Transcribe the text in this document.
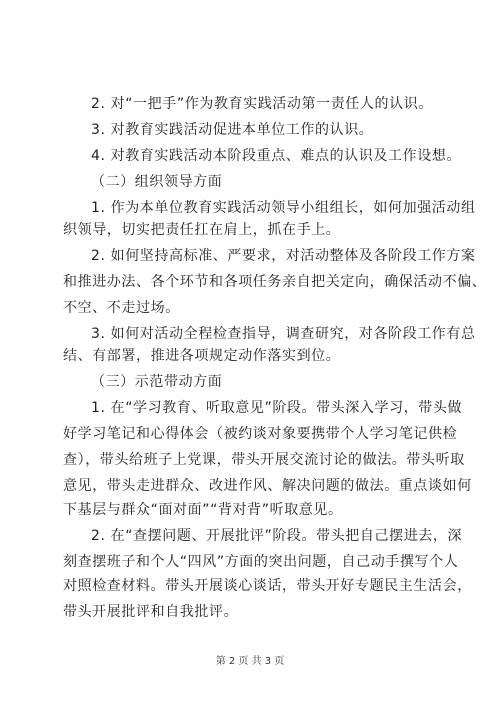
2. 对“一把手”作为教育实践活动第一责任人的认识。
3. 对教育实践活动促进本单位工作的认识。
4. 对教育实践活动本阶段重点、难点的认识及工作设想。
（二）组织领导方面
1. 作为本单位教育实践活动领导小组组长，如何加强活动组
织领导，切实把责任扛在肩上，抓在手上。
2. 如何坚持高标准、严要求，对活动整体及各阶段工作方案
和推进办法、各个环节和各项任务亲自把关定向，确保活动不偏、
不空、不走过场。
3. 如何对活动全程检查指导，调查研究，对各阶段工作有总
结、有部署，推进各项规定动作落实到位。
（三）示范带动方面
1. 在“学习教育、听取意见”阶段。带头深入学习，带头做
好学习笔记和心得体会（被约谈对象要携带个人学习笔记供检
查），带头给班子上党课，带头开展交流讨论的做法。带头听取
意见，带头走进群众、改进作风、解决问题的做法。重点谈如何
下基层与群众“面对面”“背对背”听取意见。
2. 在“查摆问题、开展批评”阶段。带头把自己摆进去，深
刻查摆班子和个人“四风”方面的突出问题，自己动手撰写个人
对照检查材料。带头开展谈心谈话，带头开好专题民主生活会，
带头开展批评和自我批评。
第 2 页 共 3 页
